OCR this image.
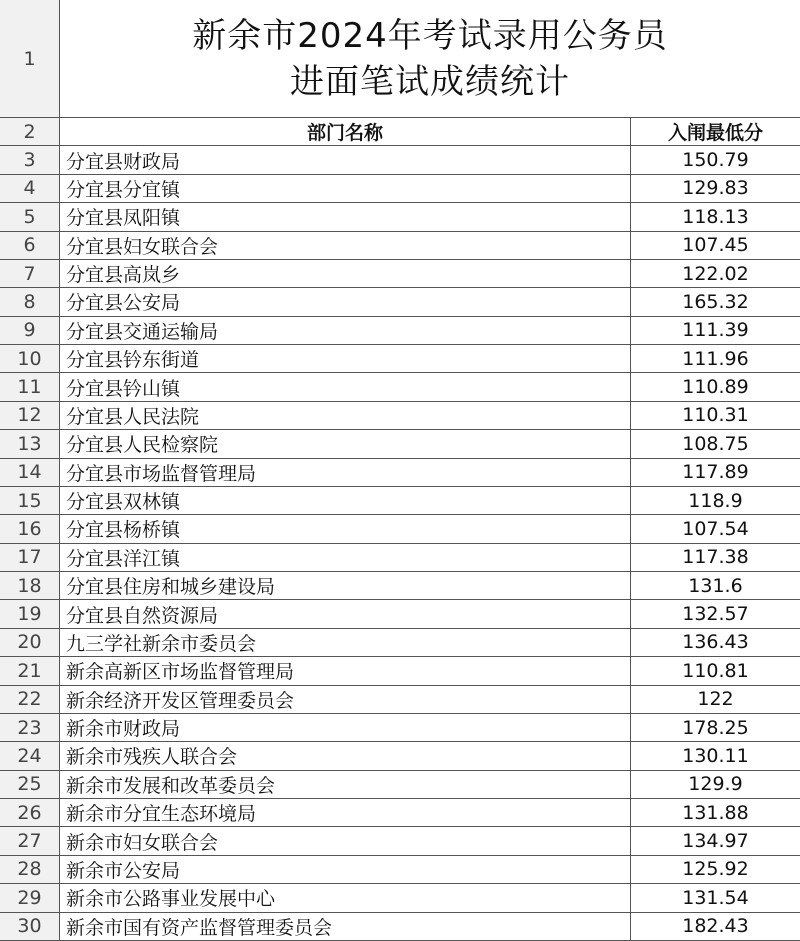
1
新余市2024年考试录用公务员
进面笔试成绩统计
2	部门名称	入闱最低分
3	分宜县财政局	150.79
4	分宜县分宜镇	129.83
5	分宜县凤阳镇	118.13
6	分宜县妇女联合会	107.45
7	分宜县高岚乡	122.02
8	分宜县公安局	165.32
9	分宜县交通运输局	111.39
10	分宜县钤东街道	111.96
11	分宜县钤山镇	110.89
12	分宜县人民法院	110.31
13	分宜县人民检察院	108.75
14	分宜县市场监督管理局	117.89
15	分宜县双林镇	118.9
16	分宜县杨桥镇	107.54
17	分宜县洋江镇	117.38
18	分宜县住房和城乡建设局	131.6
19	分宜县自然资源局	132.57
20	九三学社新余市委员会	136.43
21	新余高新区市场监督管理局	110.81
22	新余经济开发区管理委员会	122
23	新余市财政局	178.25
24	新余市残疾人联合会	130.11
25	新余市发展和改革委员会	129.9
26	新余市分宜生态环境局	131.88
27	新余市妇女联合会	134.97
28	新余市公安局	125.92
29	新余市公路事业发展中心	131.54
30	新余市国有资产监督管理委员会	182.43
